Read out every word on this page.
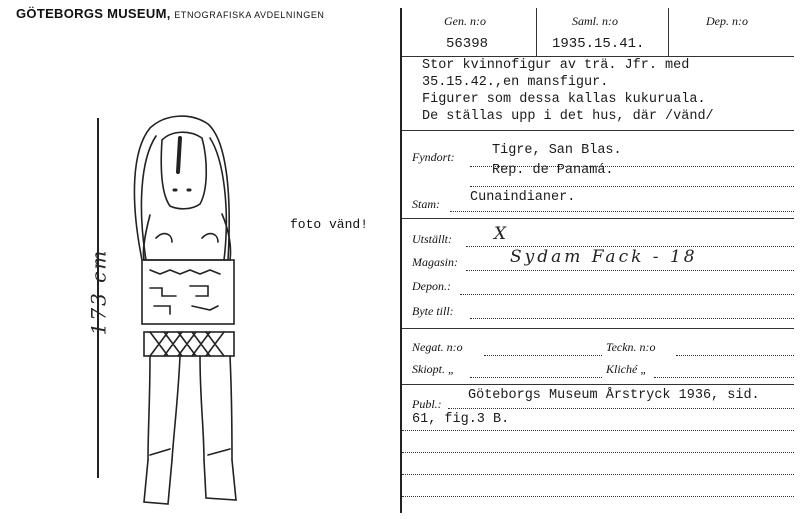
GÖTEBORGS MUSEUM, ETNOGRAFISKA AVDELNINGEN
173 cm
foto vänd!
Gen. n:o	Saml. n:o	Dep. n:o
56398	1935.15.41.
Stor kvinnofigur av trä. Jfr. med
35.15.42.,en mansfigur.
Figurer som dessa kallas kukuruala.
De ställas upp i det hus, där /vänd/
Fyndort:	Tigre, San Blas.
Rep. de Panamá.
Stam: Cunaindianer.
Utställt: X
Magasin:	Sydam Fack - 18
Depon.:
Byte till:
Negat. n:o	Teckn. n:o
Skiopt. „	Kliché „
Publ.:
Göteborgs Museum Årstryck 1936, sid.
61, fig.3 B.
